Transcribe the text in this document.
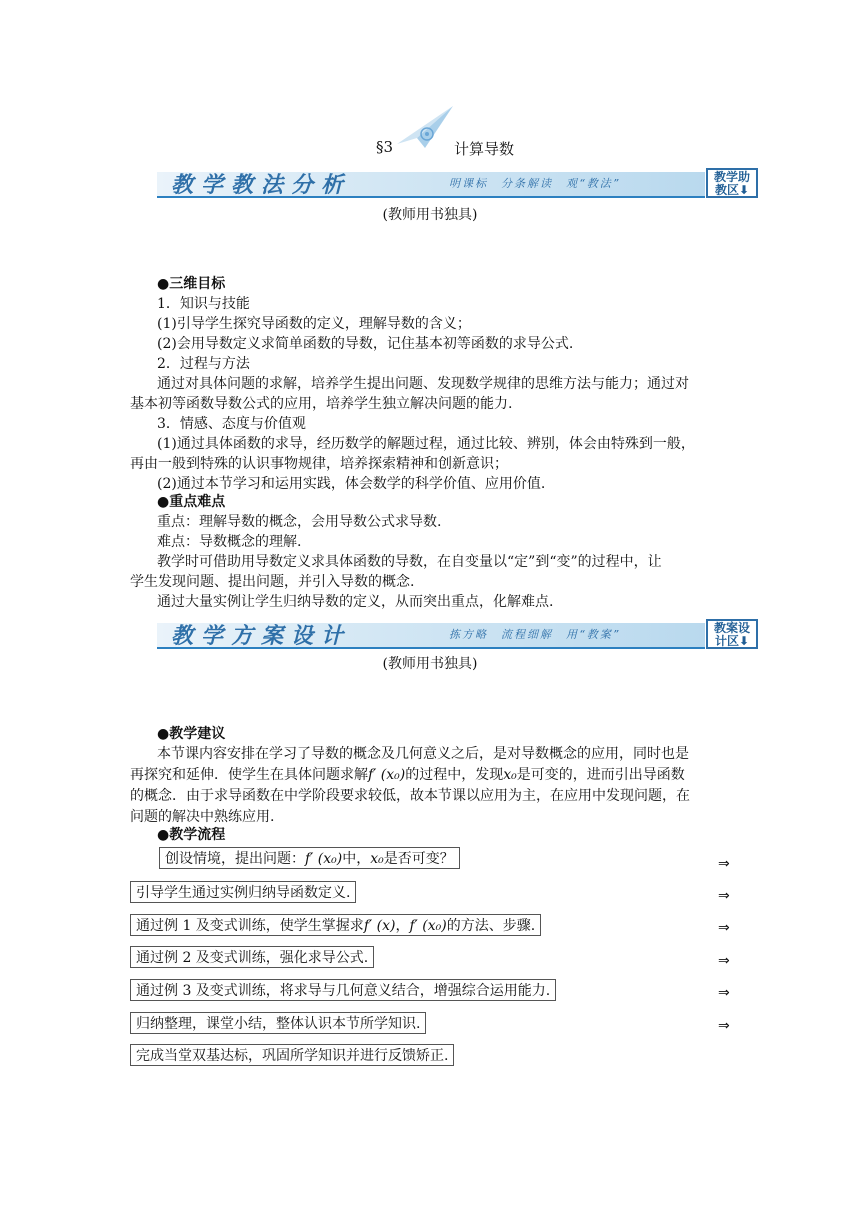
§3	计算导数
教学教法分析	明课标　分条解读　观“教法”	教学助
教区⬇
(教师用书独具)
●三维目标
1．知识与技能
(1)引导学生探究导函数的定义，理解导数的含义；
(2)会用导数定义求简单函数的导数，记住基本初等函数的求导公式.
2．过程与方法
通过对具体问题的求解，培养学生提出问题、发现数学规律的思维方法与能力；通过对
基本初等函数导数公式的应用，培养学生独立解决问题的能力.
3．情感、态度与价值观
(1)通过具体函数的求导，经历数学的解题过程，通过比较、辨别，体会由特殊到一般，
再由一般到特殊的认识事物规律，培养探索精神和创新意识；
(2)通过本节学习和运用实践，体会数学的科学价值、应用价值.
●重点难点
重点：理解导数的概念，会用导数公式求导数.
难点：导数概念的理解.
教学时可借助用导数定义求具体函数的导数，在自变量以“定”到“变”的过程中，让
学生发现问题、提出问题，并引入导数的概念.
通过大量实例让学生归纳导数的定义，从而突出重点，化解难点.
教学方案设计	拣方略　流程细解　用“教案”	教案设
计区⬇
(教师用书独具)
●教学建议
本节课内容安排在学习了导数的概念及几何意义之后，是对导数概念的应用，同时也是
再探究和延伸．使学生在具体问题求解f′ (x₀)的过程中，发现x₀是可变的，进而引出导函数
的概念．由于求导函数在中学阶段要求较低，故本节课以应用为主，在应用中发现问题，在
问题的解决中熟练应用.
●教学流程
创设情境，提出问题：f′ (x₀)中，x₀是否可变？	⇒
引导学生通过实例归纳导函数定义.	⇒
通过例 1 及变式训练，使学生掌握求f′ (x)，f′ (x₀)的方法、步骤.	⇒
通过例 2 及变式训练，强化求导公式.	⇒
通过例 3 及变式训练，将求导与几何意义结合，增强综合运用能力.	⇒
归纳整理，课堂小结，整体认识本节所学知识.	⇒
完成当堂双基达标，巩固所学知识并进行反馈矫正.
